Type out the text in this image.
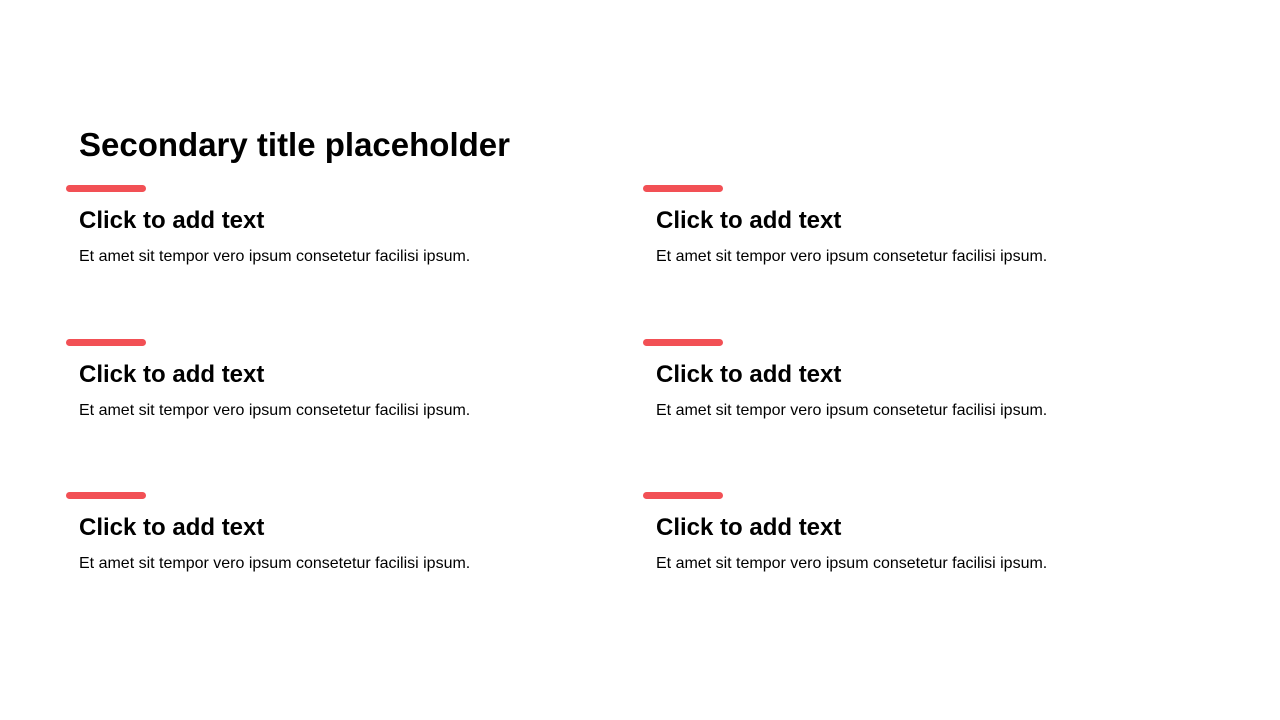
Secondary title placeholder
Click to add text

Et amet sit tempor vero ipsum consetetur facilisi ipsum.

Click to add text

Et amet sit tempor vero ipsum consetetur facilisi ipsum.

Click to add text

Et amet sit tempor vero ipsum consetetur facilisi ipsum.

Click to add text

Et amet sit tempor vero ipsum consetetur facilisi ipsum.

Click to add text

Et amet sit tempor vero ipsum consetetur facilisi ipsum.

Click to add text

Et amet sit tempor vero ipsum consetetur facilisi ipsum.
